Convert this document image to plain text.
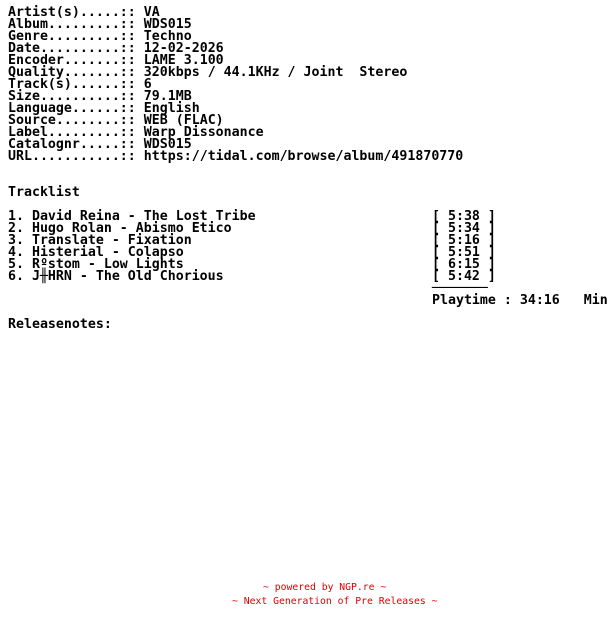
Artist(s).....:: VA
Album.........:: WDS015
Genre.........:: Techno
Date..........:: 12-02-2026
Encoder.......:: LAME 3.100
Quality.......:: 320kbps / 44.1KHz / Joint  Stereo
Track(s)......:: 6
Size..........:: 79.1MB
Language......:: English
Source........:: WEB (FLAC)
Label.........:: Warp Dissonance
Catalognr.....:: WDS015
URL...........:: https://tidal.com/browse/album/491870770
Tracklist
1. David Reina - The Lost Tribe	[ 5:38 ]
2. Hugo Rolan - Abismo Etico	[ 5:34 ]
3. Translate - Fixation	[ 5:16 ]
4. Histerial - Colapso	[ 5:51 ]
5. Rºstom - Low Lights	[ 6:15 ]
6. J╫HRN - The Old Chorious	[ 5:42 ]
───────
Playtime : 34:16   Min
Releasenotes:
~ powered by NGP.re ~
~ Next Generation of Pre Releases ~
